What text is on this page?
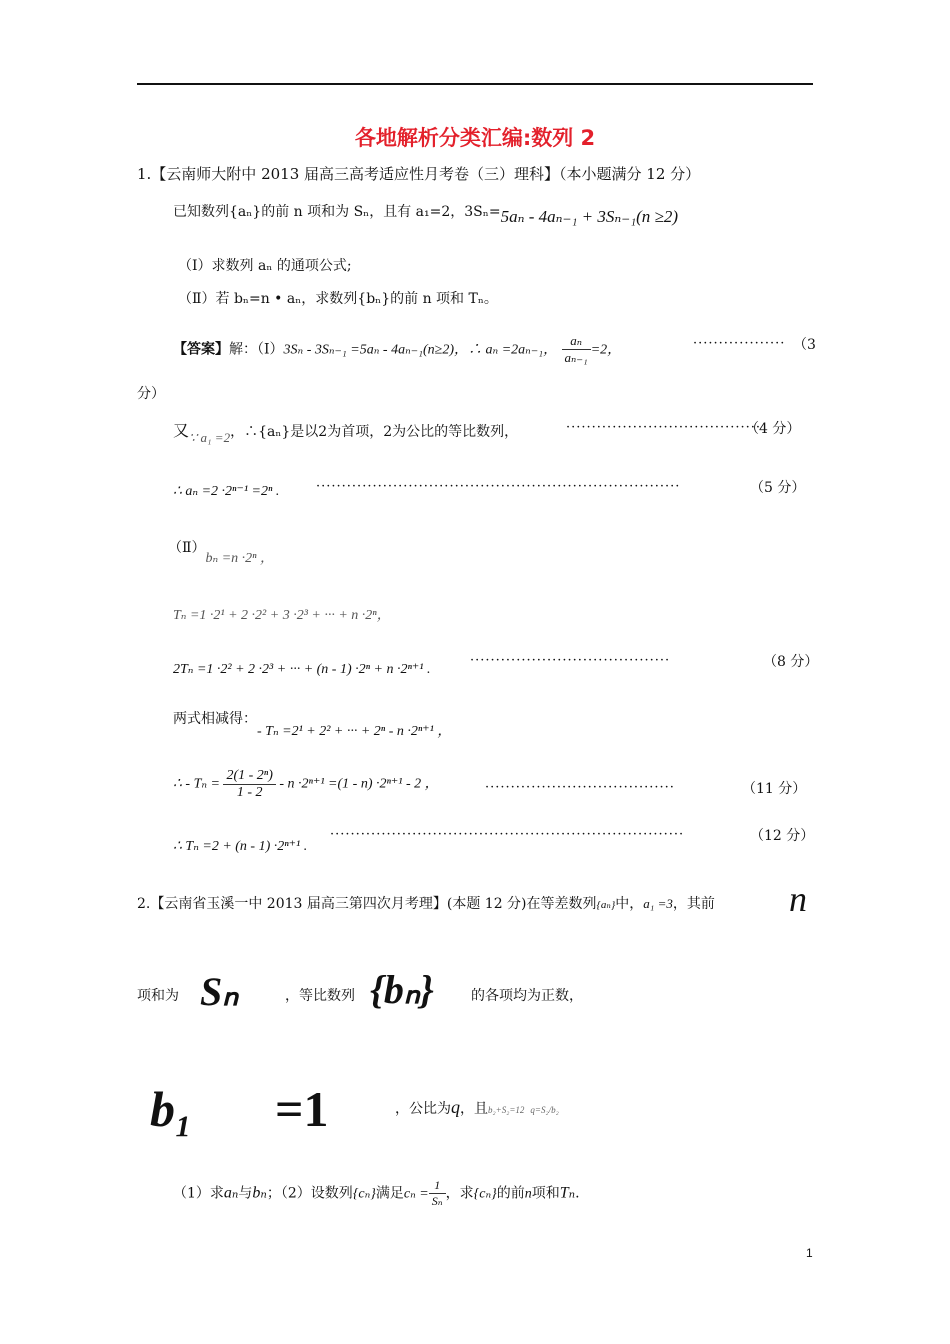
各地解析分类汇编:数列 2
1.【云南师大附中 2013 届高三高考适应性月考卷（三）理科】（本小题满分 12 分）
已知数列{aₙ}的前 n 项和为 Sₙ，且有 a₁=2，3Sₙ=5aₙ - 4aₙ₋₁ + 3Sₙ₋₁(n ≥2)
（I）求数列 aₙ 的通项公式;
（Ⅱ）若 bₙ=n • aₙ，求数列{bₙ}的前 n 项和 Tₙ。
【答案】解：（Ⅰ）3Sₙ - 3Sₙ₋₁ =5aₙ - 4aₙ₋₁(n≥2)，∴ aₙ =2aₙ₋₁， $\frac{\text{aₙ}}{\text{aₙ₋₁}} =2$，	·················· （3
分）
又∵ a₁ =2，∴{aₙ}是以2为首项，2为公比的等比数列，	······································
（4 分）
∴ aₙ =2 ·2ⁿ⁻¹ =2ⁿ .	·······································································	（5 分）
（Ⅱ）bₙ =n ·2ⁿ ，
Tₙ =1 ·2¹ + 2 ·2² + 3 ·2³ + ··· + n ·2ⁿ，
2Tₙ =1 ·2² + 2 ·2³ + ··· + (n - 1) ·2ⁿ + n ·2ⁿ⁺¹ .
·······································	（8 分）
两式相减得：- Tₙ =2¹ + 2² + ··· + 2ⁿ - n ·2ⁿ⁺¹ ，
∴ - $T_n = \frac{\text{2(1 - 2ⁿ)}}{1 - 2} - n \cdot 2^{n+1} =(1 - n) \cdot 2^{n+1} - 2$ ，	·····································	（11 分）
∴ Tₙ =2 + (n - 1) ·2ⁿ⁺¹ .
·····································································	（12 分）
2.【云南省玉溪一中 2013 届高三第四次月考理】(本题 12 分)在等差数列{aₙ}中，a₁ =3，其前 n
项和为 Sₙ	，等比数列 {bₙ}	的各项均为正数，
b₁ =1	，公比为q，且b₂+S₂=12 q=S₂/b₂
（1）求aₙ与bₙ；（2）设数列{cₙ}满足$c_n = \frac{1}{\text{Sₙ}}$ ，求{cₙ}的前n项和Tₙ.
1
